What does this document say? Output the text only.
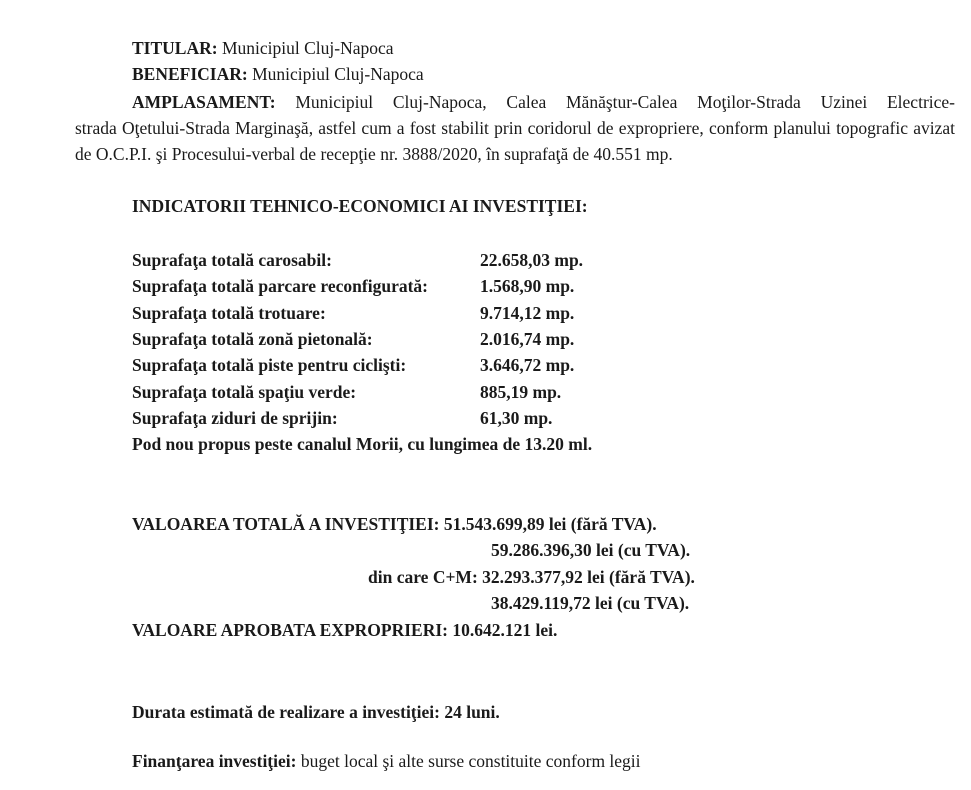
TITULAR: Municipiul Cluj-Napoca
BENEFICIAR: Municipiul Cluj-Napoca
AMPLASAMENT: Municipiul Cluj-Napoca, Calea Mănăştur-Calea Moţilor-Strada Uzinei Electrice-
strada Oţetului-Strada Marginaşă, astfel cum a fost stabilit prin coridorul de expropriere, conform planului topografic avizat de O.C.P.I. şi Procesului-verbal de recepţie nr. 3888/2020, în suprafaţă de 40.551 mp.
INDICATORII TEHNICO-ECONOMICI AI INVESTIŢIEI:
Suprafaţa totală carosabil:	22.658,03 mp.
Suprafaţa totală parcare reconfigurată:	1.568,90 mp.
Suprafaţa totală trotuare:	9.714,12 mp.
Suprafaţa totală zonă pietonală:	2.016,74 mp.
Suprafaţa totală piste pentru ciclişti:	3.646,72 mp.
Suprafaţa totală spaţiu verde:	885,19 mp.
Suprafaţa ziduri de sprijin:	61,30 mp.
Pod nou propus peste canalul Morii, cu lungimea de 13.20 ml.
VALOAREA TOTALĂ A INVESTIŢIEI: 51.543.699,89 lei (fără TVA).
59.286.396,30 lei (cu TVA).
din care C+M: 32.293.377,92 lei (fără TVA).
38.429.119,72 lei (cu TVA).
VALOARE APROBATA EXPROPRIERI: 10.642.121 lei.
Durata estimată de realizare a investiţiei: 24 luni.
Finanţarea investiţiei: buget local şi alte surse constituite conform legii
